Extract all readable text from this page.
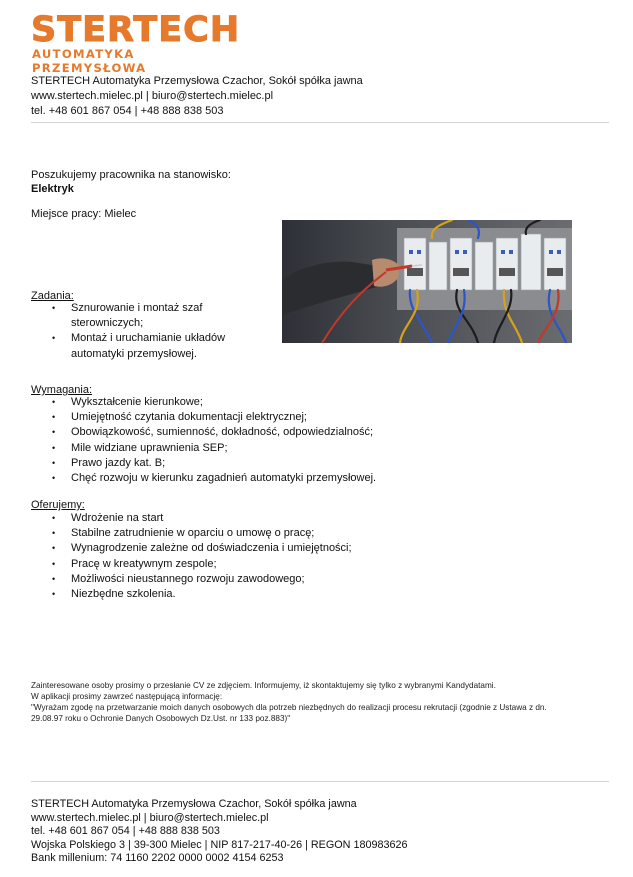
STERTECH
AUTOMATYKA PRZEMYSŁOWA
STERTECH Automatyka Przemysłowa Czachor, Sokół spółka jawna
www.stertech.mielec.pl | biuro@stertech.mielec.pl
tel. +48 601 867 054 | +48 888 838 503
Poszukujemy pracownika na stanowisko:
Elektryk
Miejsce pracy: Mielec
Zadania:
• Sznurowanie i montaż szaf sterowniczych;
• Montaż i uruchamianie układów automatyki przemysłowej.
Wymagania:
• Wykształcenie kierunkowe;
• Umiejętność czytania dokumentacji elektrycznej;
• Obowiązkowość, sumienność, dokładność, odpowiedzialność;
• Mile widziane uprawnienia SEP;
• Prawo jazdy kat. B;
• Chęć rozwoju w kierunku zagadnień automatyki przemysłowej.
Oferujemy:
• Wdrożenie na start
• Stabilne zatrudnienie w oparciu o umowę o pracę;
• Wynagrodzenie zależne od doświadczenia i umiejętności;
• Pracę w kreatywnym zespole;
• Możliwości nieustannego rozwoju zawodowego;
• Niezbędne szkolenia.
Zainteresowane osoby prosimy o przesłanie CV ze zdjęciem. Informujemy, iż skontaktujemy się tylko z wybranymi Kandydatami.
W aplikacji prosimy zawrzeć następującą informację:
"Wyrażam zgodę na przetwarzanie moich danych osobowych dla potrzeb niezbędnych do realizacji procesu rekrutacji (zgodnie z Ustawa z dn.
29.08.97 roku o Ochronie Danych Osobowych Dz.Ust. nr 133 poz.883)"
STERTECH Automatyka Przemysłowa Czachor, Sokół spółka jawna
www.stertech.mielec.pl | biuro@stertech.mielec.pl
tel. +48 601 867 054 | +48 888 838 503
Wojska Polskiego 3 | 39-300 Mielec | NIP 817-217-40-26 | REGON 180983626
Bank millenium: 74 1160 2202 0000 0002 4154 6253
